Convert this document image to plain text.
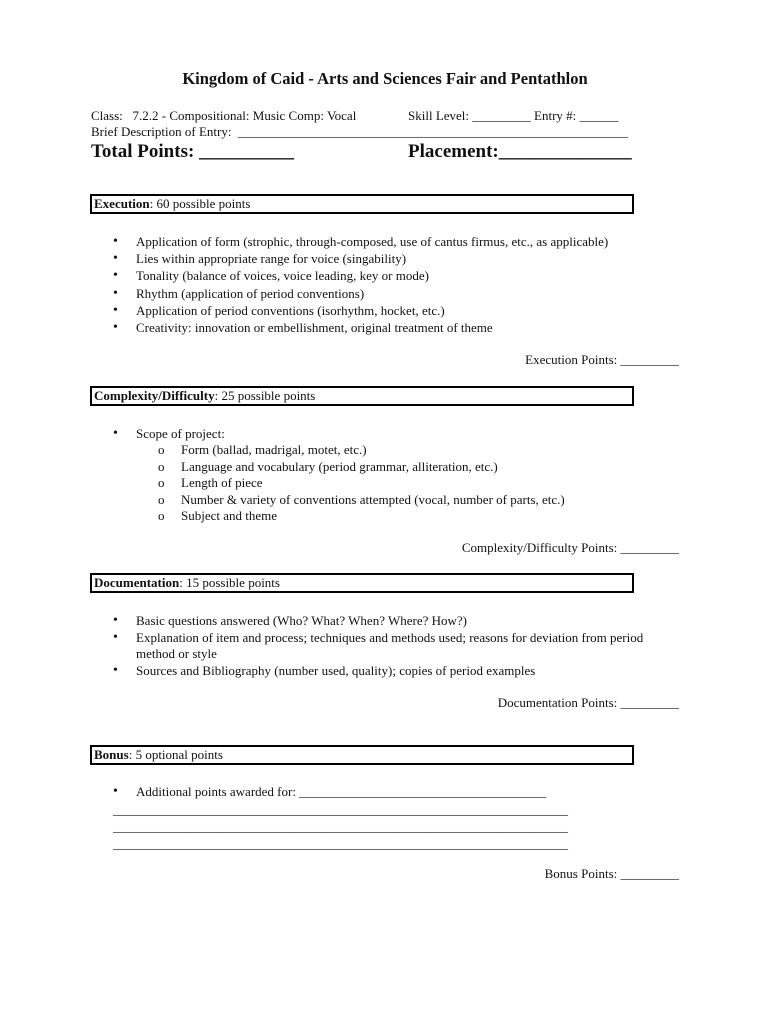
Kingdom of Caid - Arts and Sciences Fair and Pentathlon
Class:   7.2.2 - Compositional: Music Comp: Vocal	Skill Level: _________ Entry #: ______
Brief Description of Entry:  ____________________________________________________________
Total Points: __________	Placement:______________
Execution: 60 possible points
• Application of form (strophic, through-composed, use of cantus firmus, etc., as applicable)
• Lies within appropriate range for voice (singability)
• Tonality (balance of voices, voice leading, key or mode)
• Rhythm (application of period conventions)
• Application of period conventions (isorhythm, hocket, etc.)
• Creativity: innovation or embellishment, original treatment of theme
Execution Points: _________
Complexity/Difficulty: 25 possible points
• Scope of project:
o Form (ballad, madrigal, motet, etc.)
o Language and vocabulary (period grammar, alliteration, etc.)
o Length of piece
o Number & variety of conventions attempted (vocal, number of parts, etc.)
o Subject and theme
Complexity/Difficulty Points: _________
Documentation: 15 possible points
• Basic questions answered (Who? What? When? Where? How?)
• Explanation of item and process; techniques and methods used; reasons for deviation from period
method or style
• Sources and Bibliography (number used, quality); copies of period examples
Documentation Points: _________
Bonus: 5 optional points
• Additional points awarded for: ______________________________________
______________________________________________________________________
______________________________________________________________________
______________________________________________________________________
Bonus Points: _________
